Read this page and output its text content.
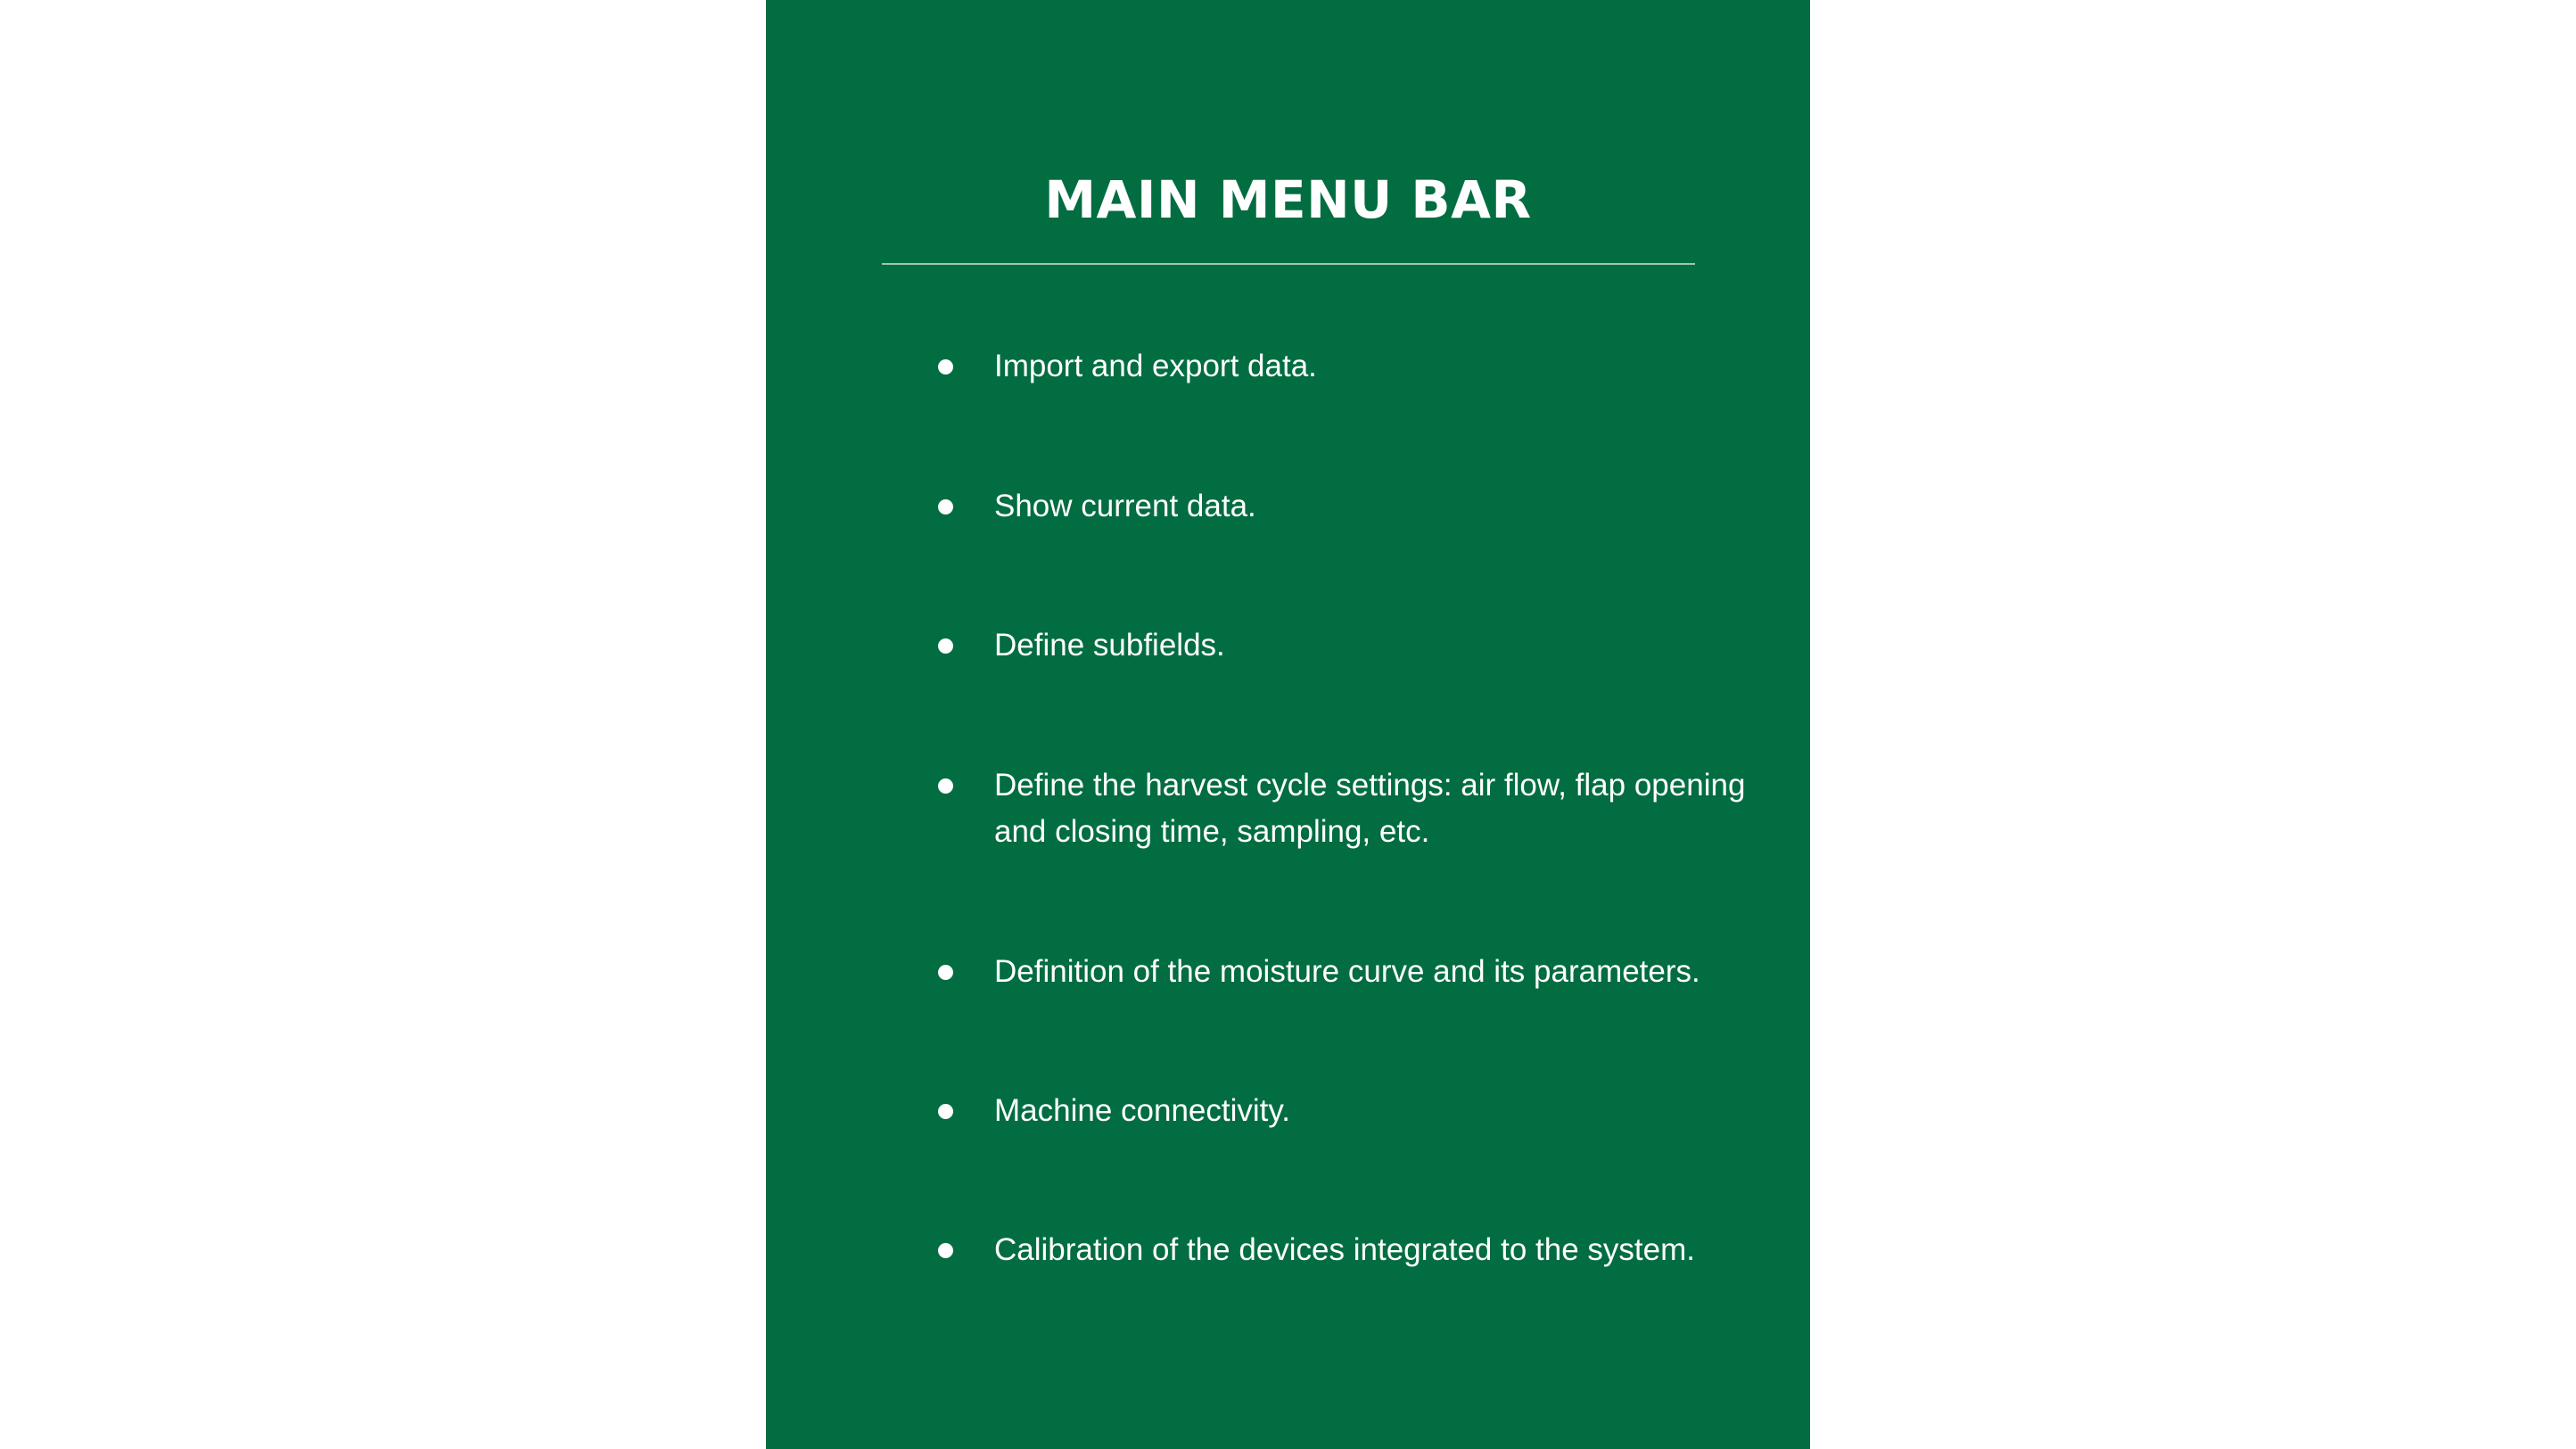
MAIN MENU BAR
Import and export data.
Show current data.
Define subfields.
Define the harvest cycle settings: air flow, flap opening and closing time, sampling, etc.
Definition of the moisture curve and its parameters.
Machine connectivity.
Calibration of the devices integrated to the system.
